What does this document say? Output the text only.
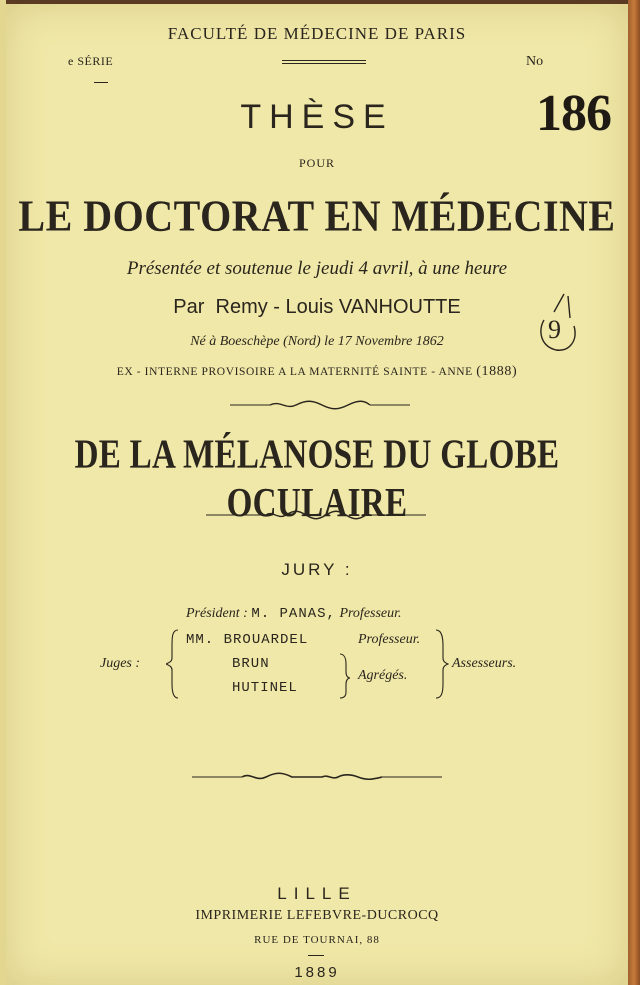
FACULTÉ DE MÉDECINE DE PARIS
e SÉRIE	No
186
THÈSE
POUR
LE DOCTORAT EN MÉDECINE
Présentée et soutenue le jeudi 4 avril, à une heure
Par Remy - Louis VANHOUTTE
9
Né à Boeschèpe (Nord) le 17 Novembre 1862
EX - INTERNE PROVISOIRE A LA MATERNITÉ SAINTE - ANNE (1888)
DE LA MÉLANOSE DU GLOBE OCULAIRE
JURY :
Président : M. PANAS, Professeur.
Juges :
MM. BROUARDEL	Professeur.
BRUN
HUTINEL
Agrégés.
Assesseurs.
LILLE
IMPRIMERIE LEFEBVRE-DUCROCQ
RUE DE TOURNAI, 88
1889
